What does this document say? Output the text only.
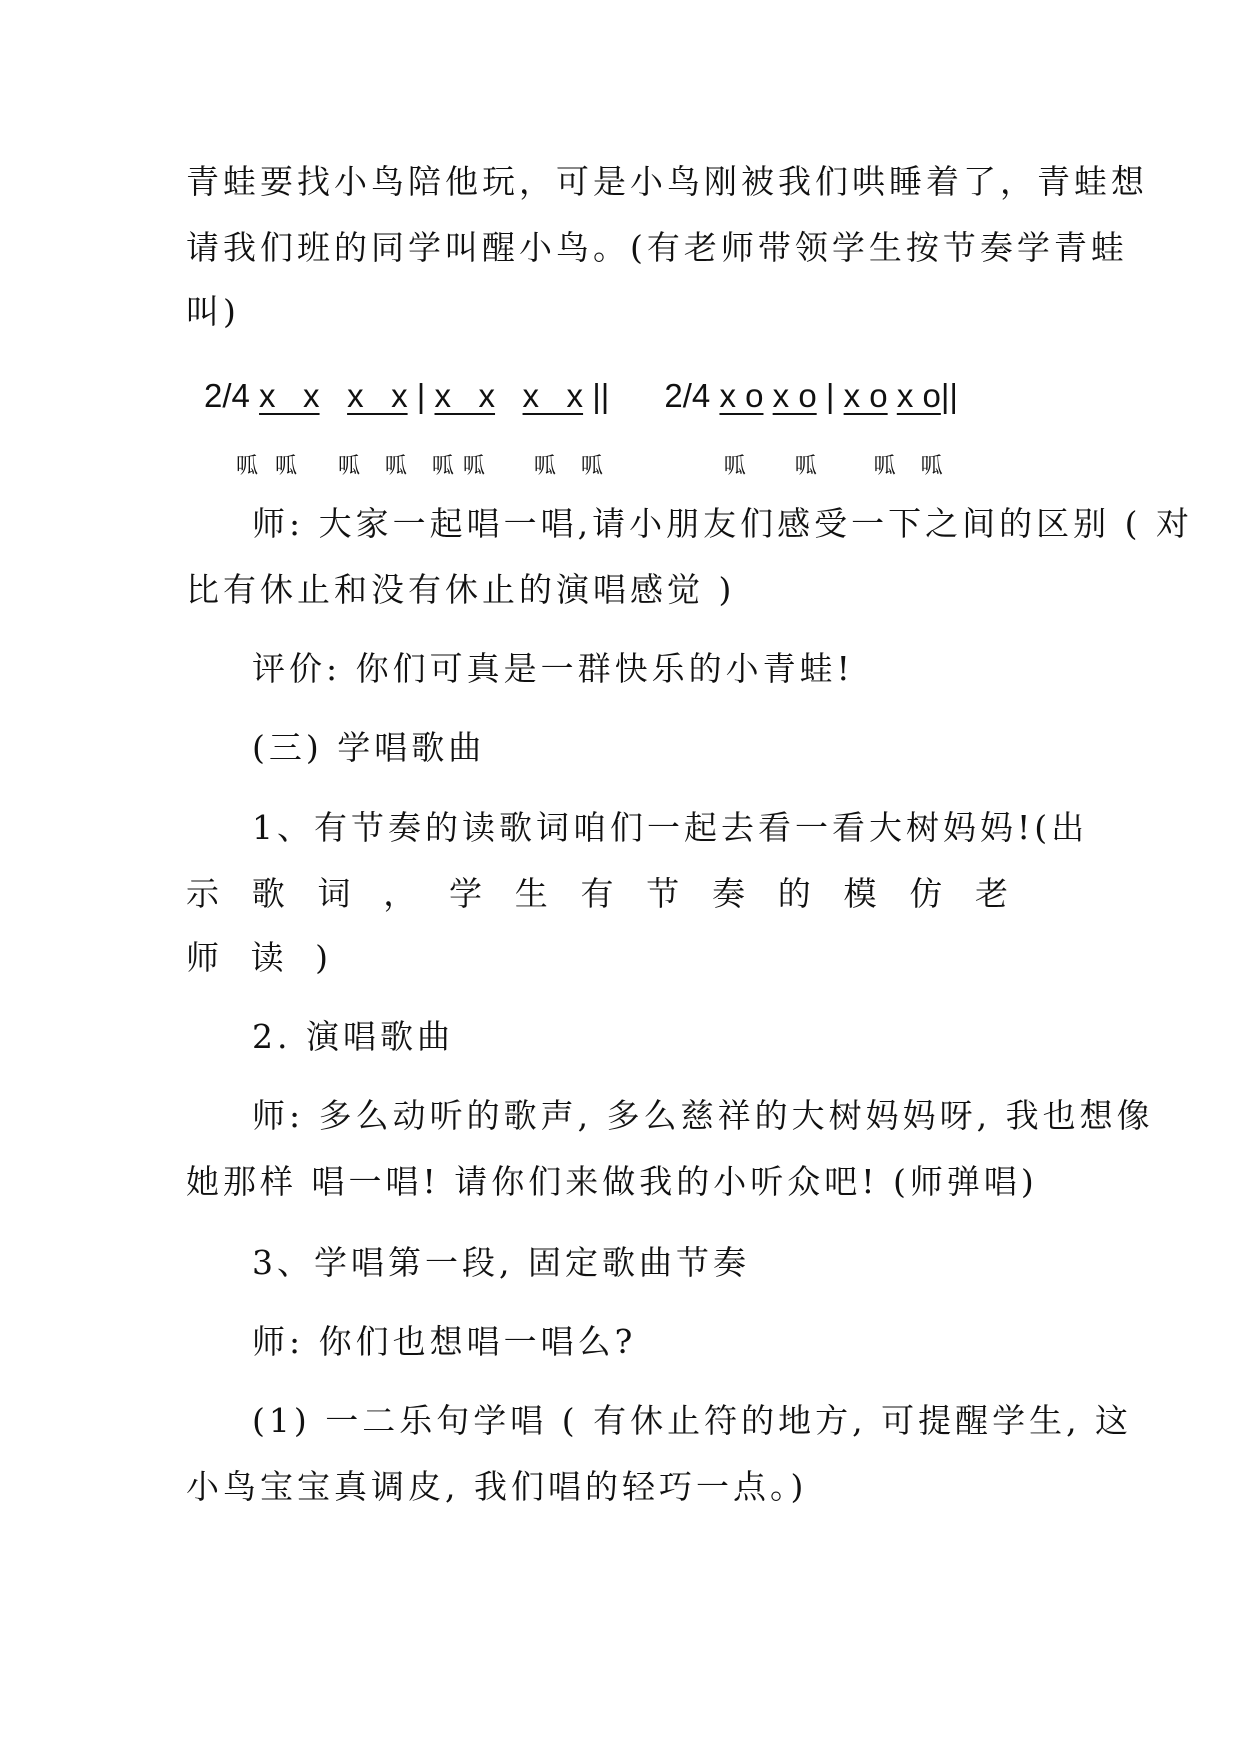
青蛙要找小鸟陪他玩，可是小鸟刚被我们哄睡着了，青蛙想
请我们班的同学叫醒小鸟。(有老师带领学生按节奏学青蛙
叫)
2/4 x   x x   x | x   x x   x || 2/4 x o x o | x o x o||
呱  呱     呱   呱   呱 呱      呱   呱               呱      呱       呱   呱
师: 大家一起唱一唱,请小朋友们感受一下之间的区别 ( 对
比有休止和没有休止的演唱感觉 )
评价: 你们可真是一群快乐的小青蛙!
(三) 学唱歌曲
1、有节奏的读歌词咱们一起去看一看大树妈妈!(出
示 歌 词 ， 学 生 有 节 奏 的 模 仿 老
师 读 )
2. 演唱歌曲
师: 多么动听的歌声, 多么慈祥的大树妈妈呀, 我也想像
她那样 唱一唱! 请你们来做我的小听众吧! (师弹唱)
3、学唱第一段, 固定歌曲节奏
师: 你们也想唱一唱么?
(1) 一二乐句学唱 ( 有休止符的地方, 可提醒学生, 这
小鸟宝宝真调皮, 我们唱的轻巧一点。)
